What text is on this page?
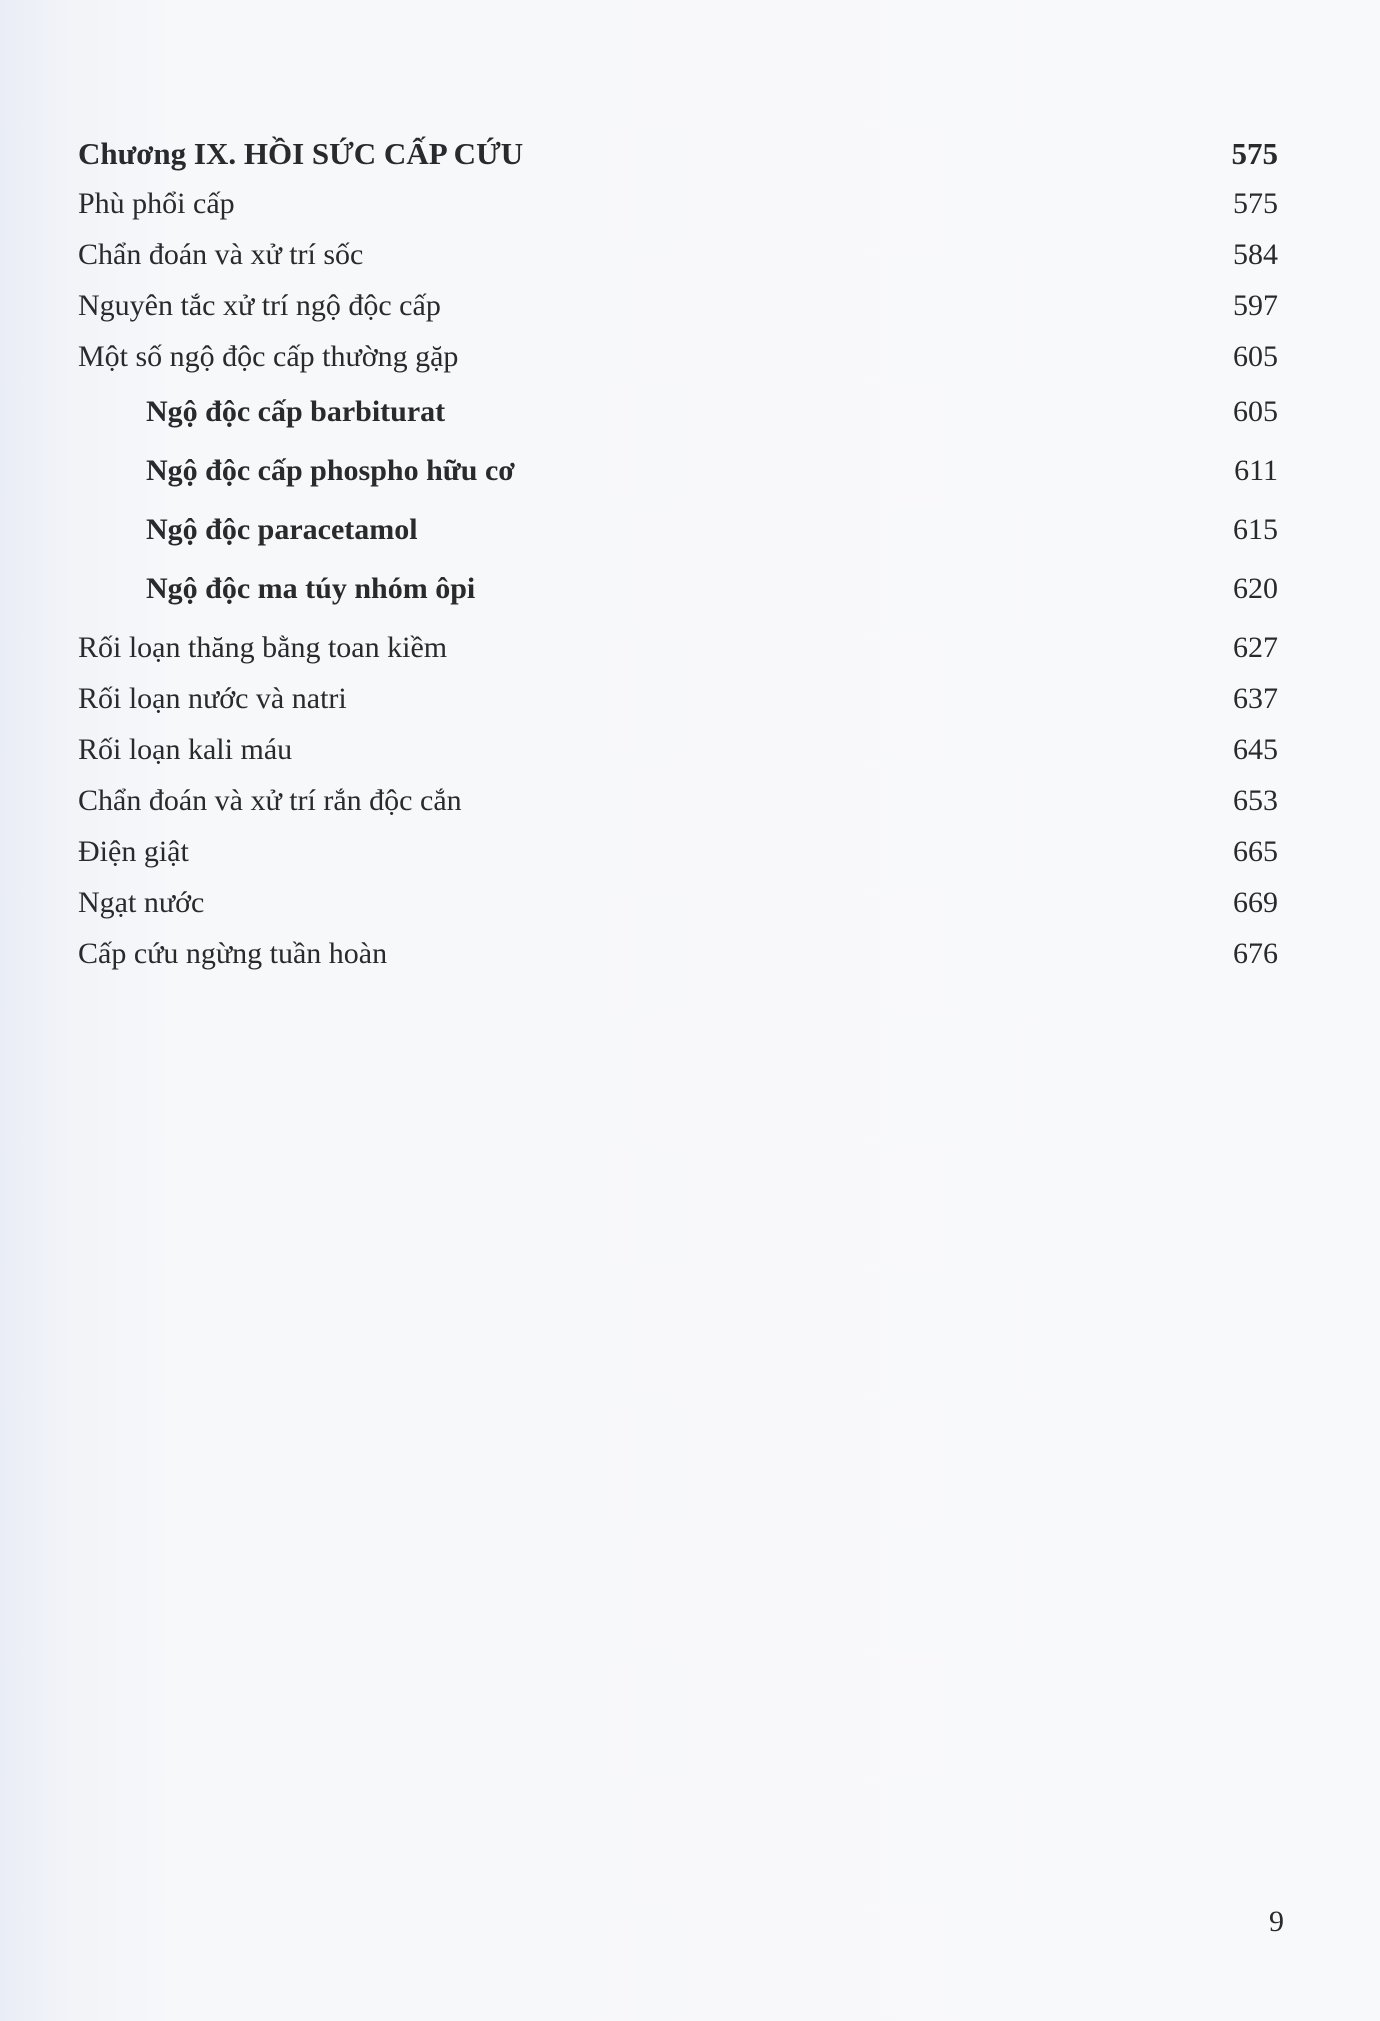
Chương IX. HỒI SỨC CẤP CỨU	575
Phù phổi cấp	575
Chẩn đoán và xử trí sốc	584
Nguyên tắc xử trí ngộ độc cấp	597
Một số ngộ độc cấp thường gặp	605
Ngộ độc cấp barbiturat	605
Ngộ độc cấp phospho hữu cơ	611
Ngộ độc paracetamol	615
Ngộ độc ma túy nhóm ôpi	620
Rối loạn thăng bằng toan kiềm	627
Rối loạn nước và natri	637
Rối loạn kali máu	645
Chẩn đoán và xử trí rắn độc cắn	653
Điện giật	665
Ngạt nước	669
Cấp cứu ngừng tuần hoàn	676
9
